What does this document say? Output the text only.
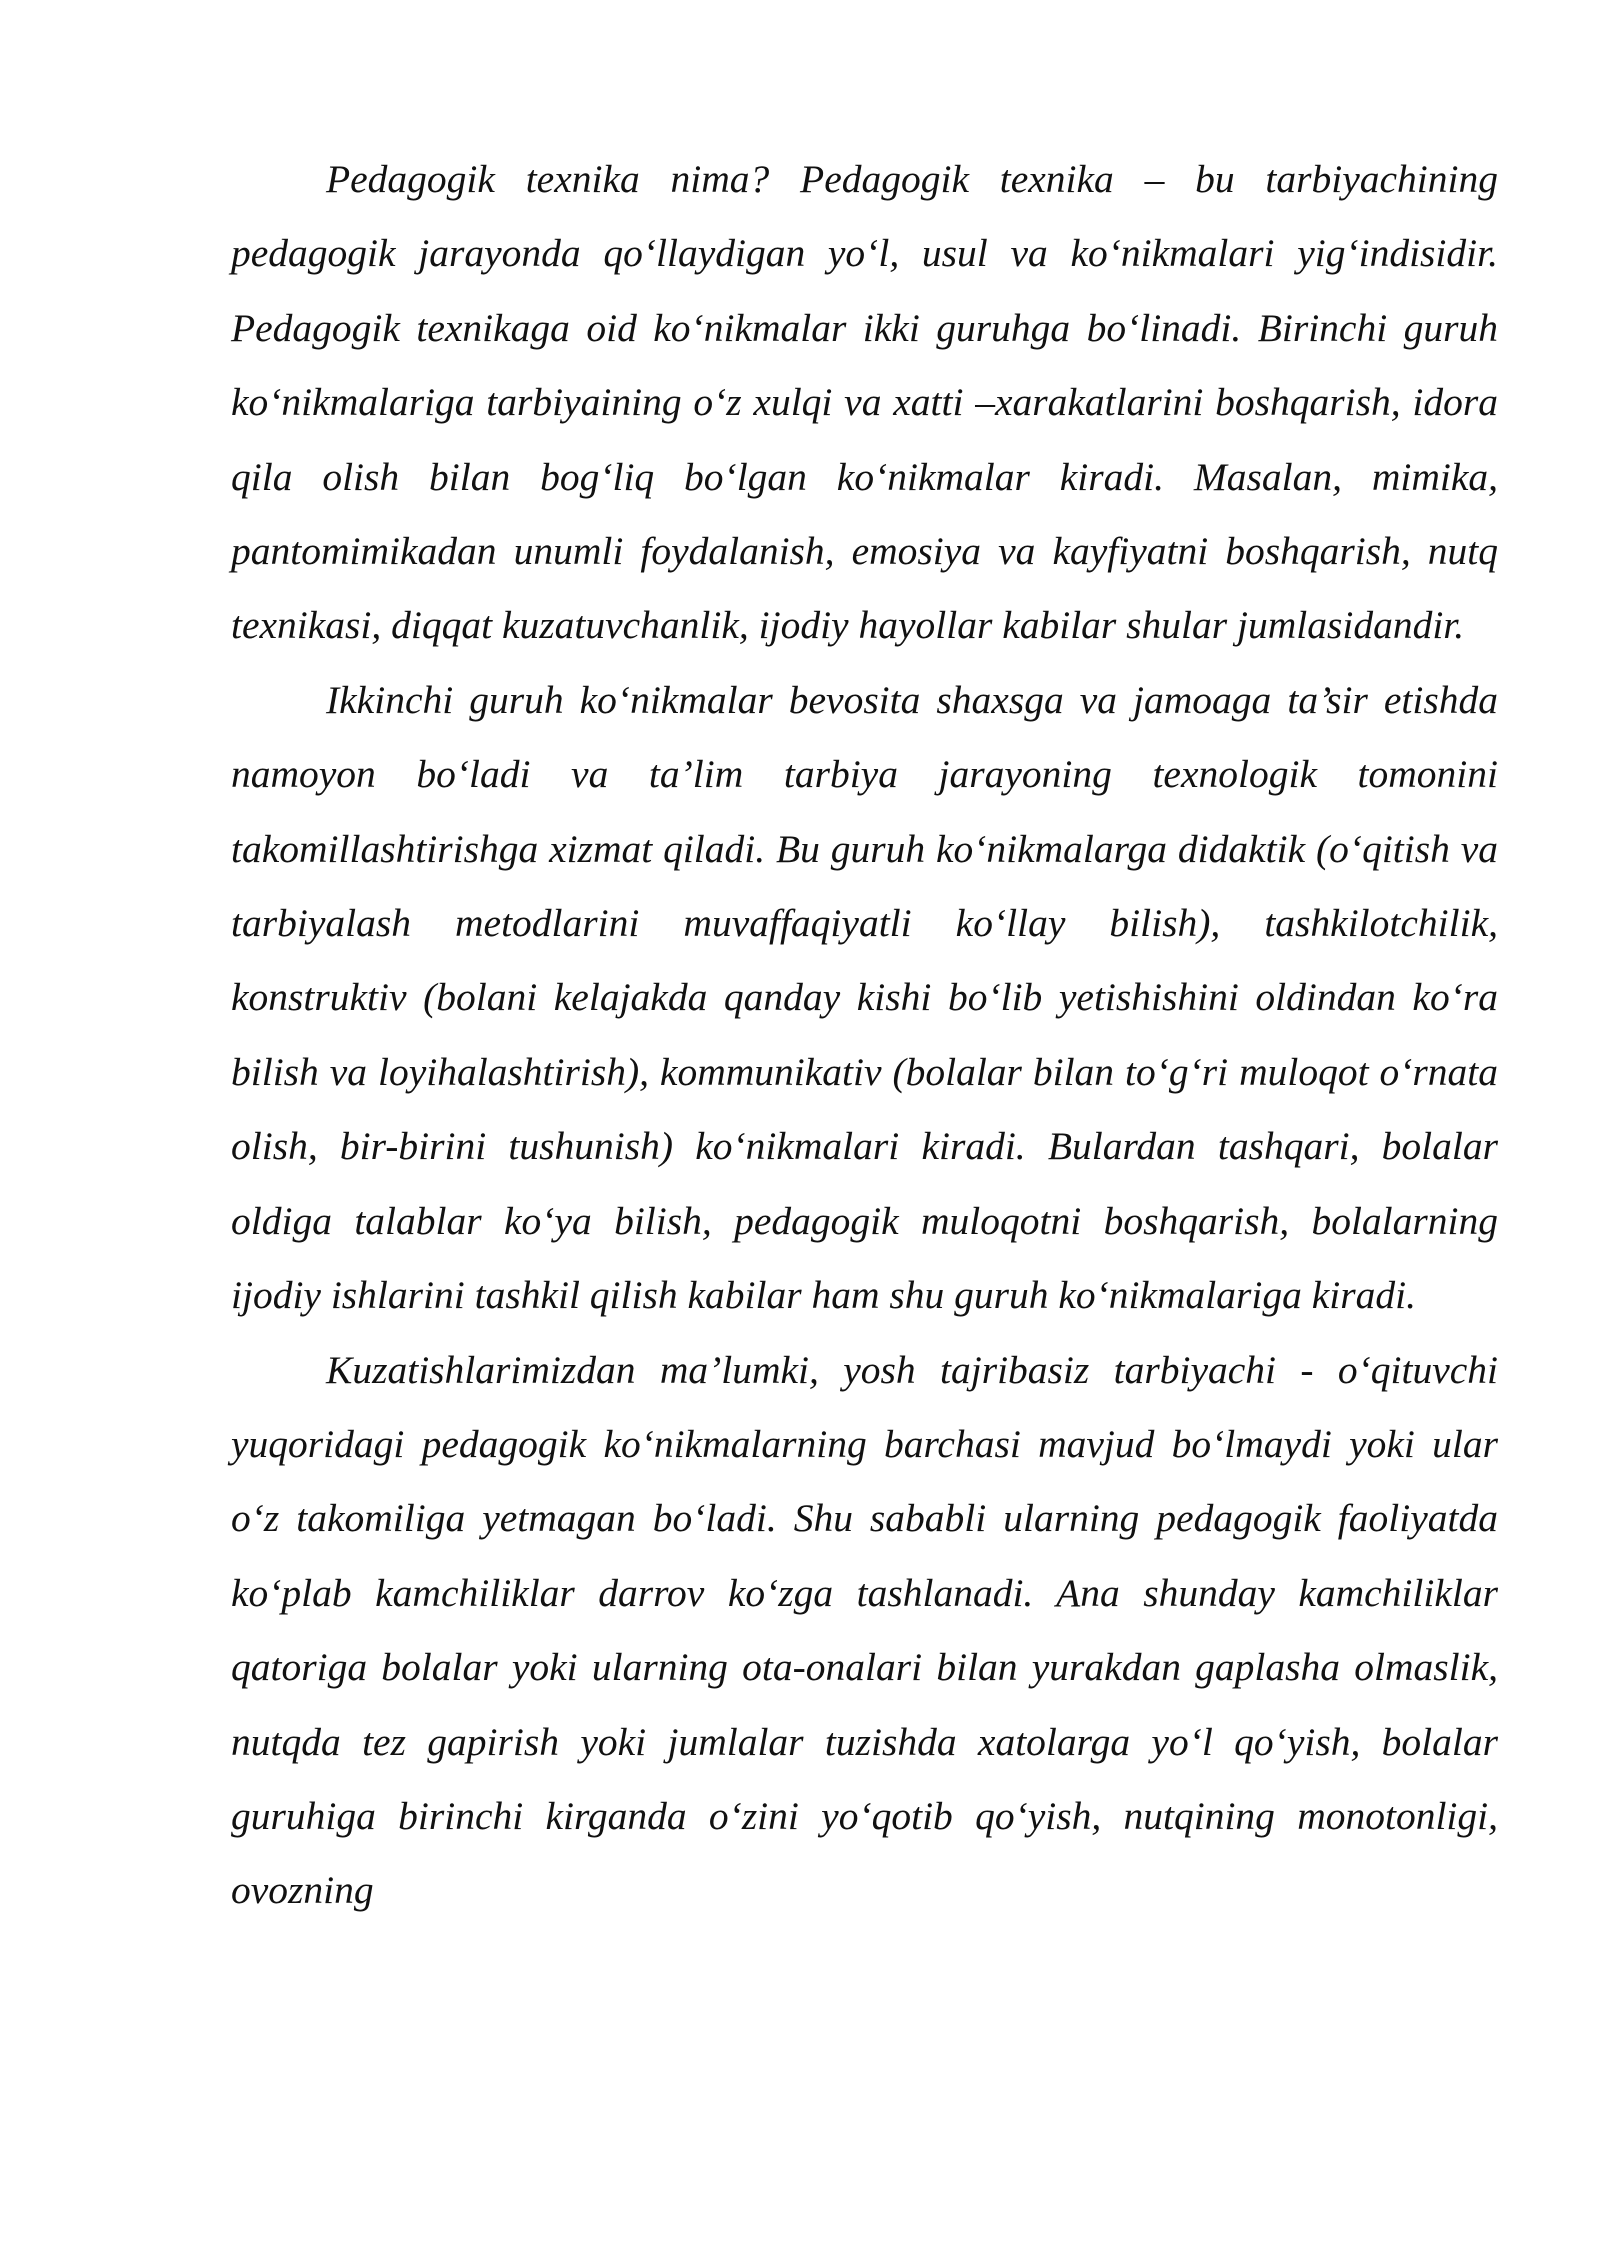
Pedagogik texnika nima? Pedagogik texnika – bu tarbiyachining pedagogik jarayonda qo‘llaydigan yo‘l, usul va ko‘nikmalari yig‘indisidir. Pedagogik texnikaga oid ko‘nikmalar ikki guruhga bo‘linadi. Birinchi guruh ko‘nikmalariga tarbiyaining o‘z xulqi va xatti –xarakatlarini boshqarish, idora qila olish bilan bog‘liq bo‘lgan ko‘nikmalar kiradi. Masalan, mimika, pantomimikadan unumli foydalanish, emosiya va kayfiyatni boshqarish, nutq texnikasi, diqqat kuzatuvchanlik, ijodiy hayollar kabilar shular jumlasidandir.

Ikkinchi guruh ko‘nikmalar bevosita shaxsga va jamoaga ta’sir etishda namoyon bo‘ladi va ta’lim tarbiya jarayoning texnologik tomonini takomillashtirishga xizmat qiladi. Bu guruh ko‘nikmalarga didaktik (o‘qitish va tarbiyalash metodlarini muvaffaqiyatli ko‘llay bilish), tashkilotchilik, konstruktiv (bolani kelajakda qanday kishi bo‘lib yetishishini oldindan ko‘ra bilish va loyihalashtirish), kommunikativ (bolalar bilan to‘g‘ri muloqot o‘rnata olish, bir-birini tushunish) ko‘nikmalari kiradi. Bulardan tashqari, bolalar oldiga talablar ko‘ya bilish, pedagogik muloqotni boshqarish, bolalarning ijodiy ishlarini tashkil qilish kabilar ham shu guruh ko‘nikmalariga kiradi.

Kuzatishlarimizdan ma’lumki, yosh tajribasiz tarbiyachi - o‘qituvchi yuqoridagi pedagogik ko‘nikmalarning barchasi mavjud bo‘lmaydi yoki ular o‘z takomiliga yetmagan bo‘ladi. Shu sababli ularning pedagogik faoliyatda ko‘plab kamchiliklar darrov ko‘zga tashlanadi. Ana shunday kamchiliklar qatoriga bolalar yoki ularning ota-onalari bilan yurakdan gaplasha olmaslik, nutqda tez gapirish yoki jumlalar tuzishda xatolarga yo‘l qo‘yish, bolalar guruhiga birinchi kirganda o‘zini yo‘qotib qo‘yish, nutqining monotonligi, ovozning
